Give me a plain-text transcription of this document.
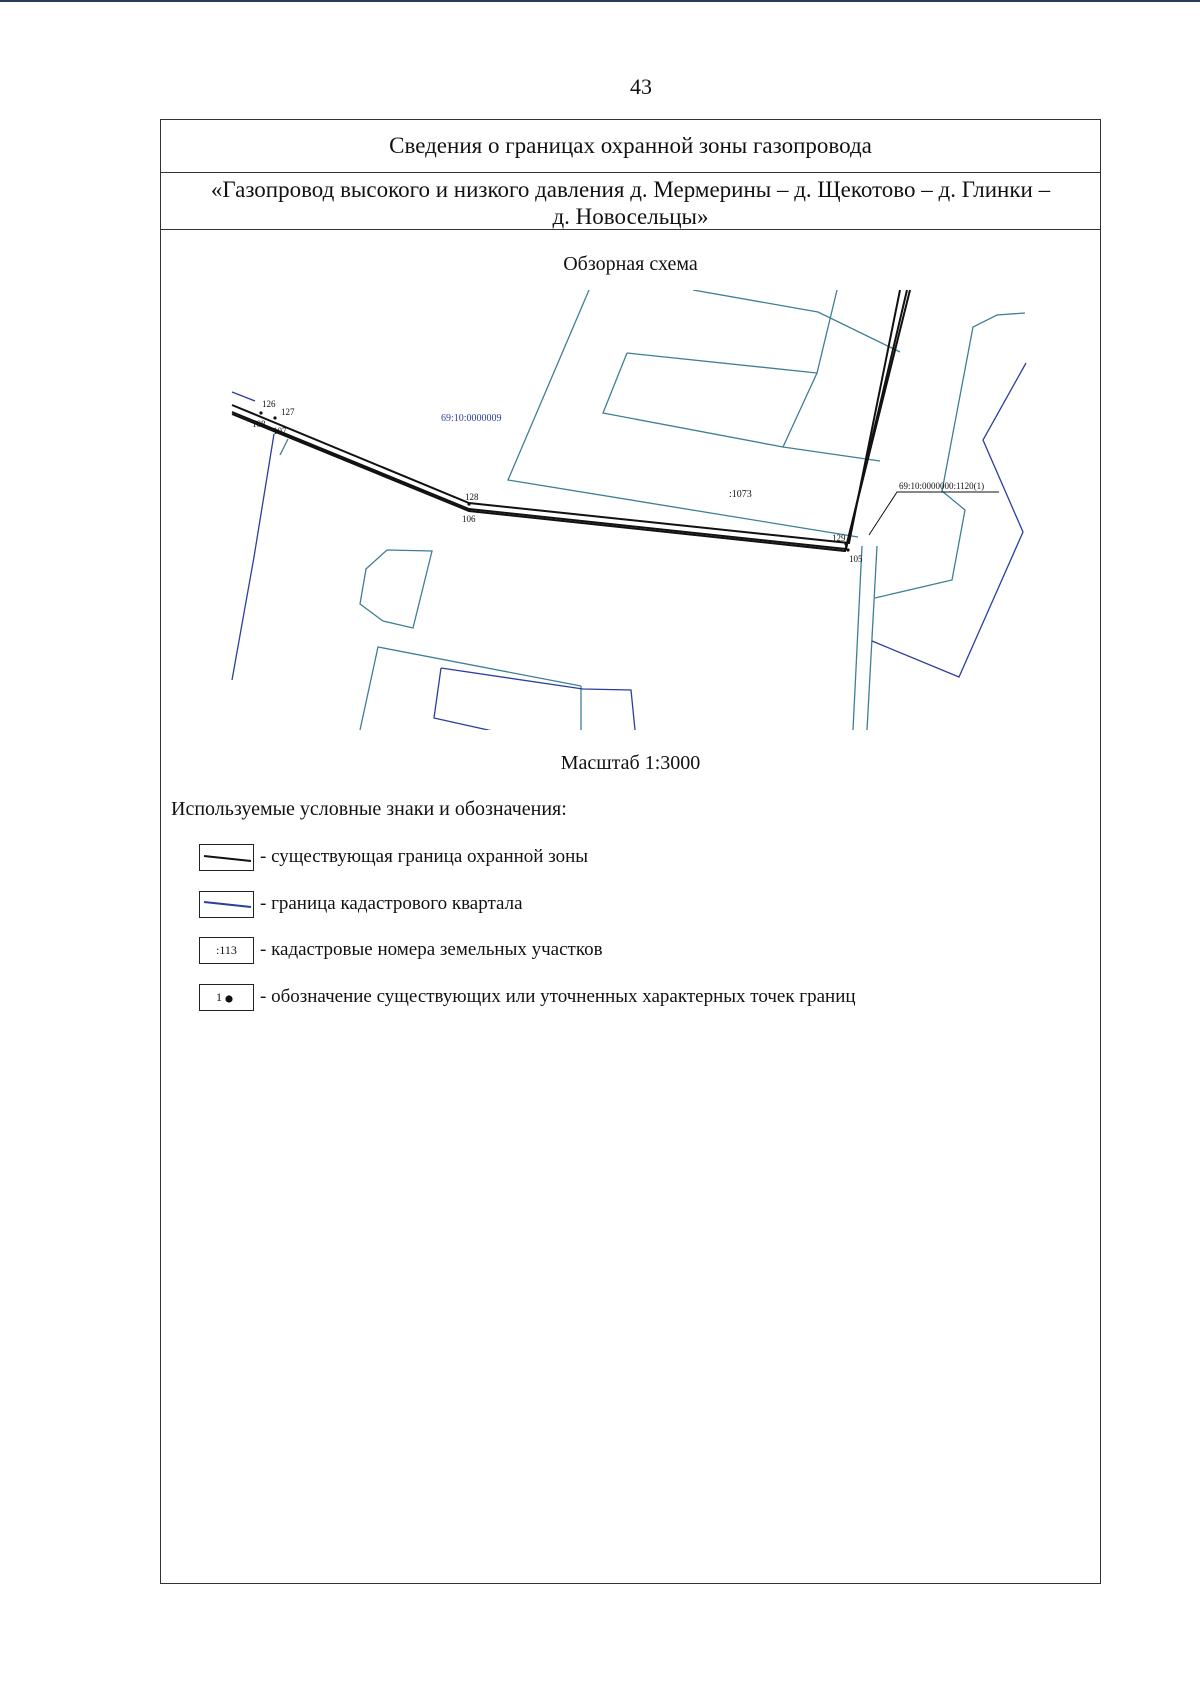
43
Сведения о границах охранной зоны газопровода
«Газопровод высокого и низкого давления д. Мермерины – д. Щекотово – д. Глинки –
д. Новосельцы»
Обзорная схема
126
127
108
107
128
106
129
105
69:10:0000009
:1073
69:10:0000000:1120(1)
Масштаб 1:3000
Используемые условные знаки и обозначения:
- существующая граница охранной зоны
- граница кадастрового квартала
:113	- кадастровые номера земельных участков
1 - обозначение существующих или уточненных характерных точек границ
